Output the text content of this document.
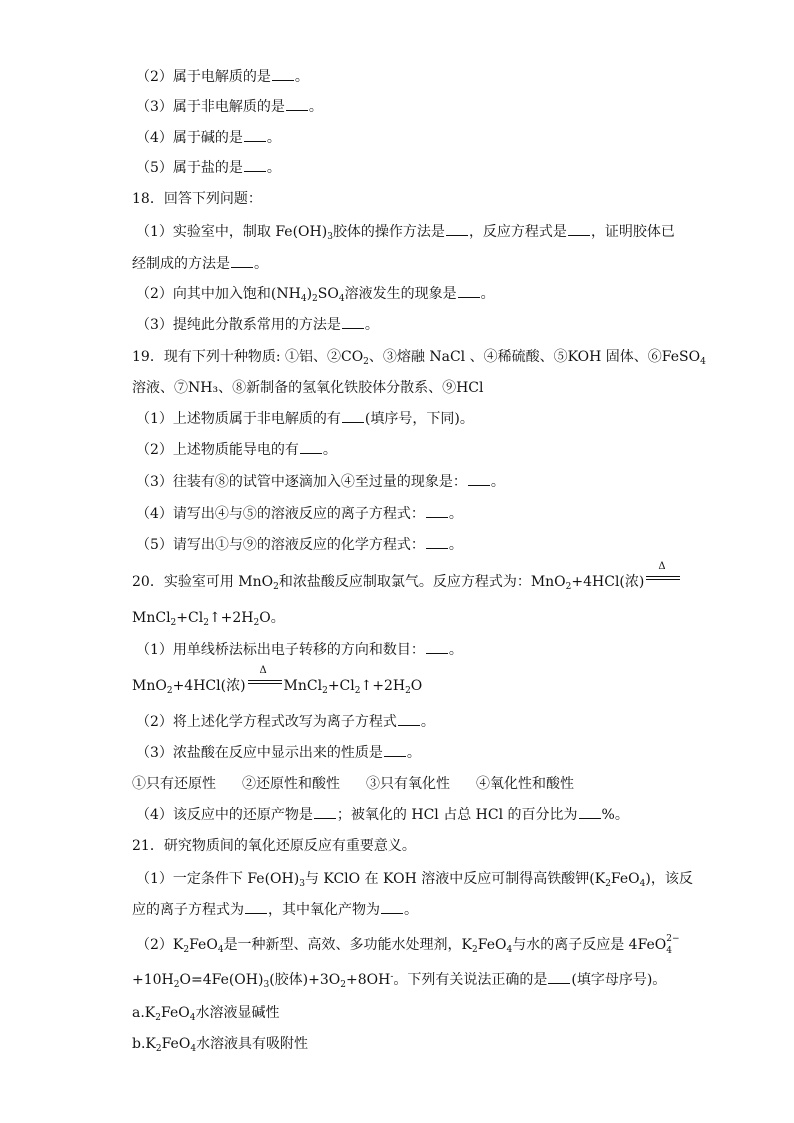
（2）属于电解质的是 。
（3）属于非电解质的是 。
（4）属于碱的是 。
（5）属于盐的是 。
18．回答下列问题：
（1）实验室中，制取 $Fe(OH)_3$胶体的操作方法是 ，反应方程式是 ，证明胶体已
经制成的方法是 。
（2）向其中加入饱和$(NH_4)_2SO_4$溶液发生的现象是 。
（3）提纯此分散系常用的方法是 。
19．现有下列十种物质: ①铝、$②CO_2$、③熔融 NaCl 、④稀硫酸、⑤KOH 固体、⑥FeSO$_4$
溶液、⑦NH₃、⑧新制备的氢氧化铁胶体分散系、⑨HCl
（1）上述物质属于非电解质的有 (填序号，下同)。
（2）上述物质能导电的有 。
（3）往装有⑧的试管中逐滴加入④至过量的现象是： 。
（4）请写出④与⑤的溶液反应的离子方程式： 。
（5）请写出①与⑨的溶液反应的化学方程式： 。
20．实验室可用 MnO$_2$和浓盐酸反应制取氯气。反应方程式为：MnO$_2$+4HCl(浓)
Δ
$MnCl_2+Cl_2↑+2H_2O$。
（1）用单线桥法标出电子转移的方向和数目： 。
MnO$_2$+4HCl(浓)
Δ
$MnCl_2+Cl_2↑+2H_2O$
（2）将上述化学方程式改写为离子方程式 。
（3）浓盐酸在反应中显示出来的性质是 。
①只有还原性 ②还原性和酸性 ③只有氧化性 ④氧化性和酸性
（4）该反应中的还原产物是 ；被氧化的 HCl 占总 HCl 的百分比为 %。
21．研究物质间的氧化还原反应有重要意义。
（1）一定条件下 $Fe(OH)_3$与 KClO 在 KOH 溶液中反应可制得高铁酸钾$(K_2FeO_4)$，该反
应的离子方程式为 ，其中氧化产物为 。
$(2)K_2FeO_4$是一种新型、高效、多功能水处理剂，$K_2FeO_4$与水的离子反应是 4FeO 2−
4
$+10H_2O=4Fe(OH)_3$(胶体)$+3O_2+8OH^-$。下列有关说法正确的是 (填字母序号)。
$a.K_2FeO_4$水溶液显碱性
$b.K_2FeO_4$水溶液具有吸附性
